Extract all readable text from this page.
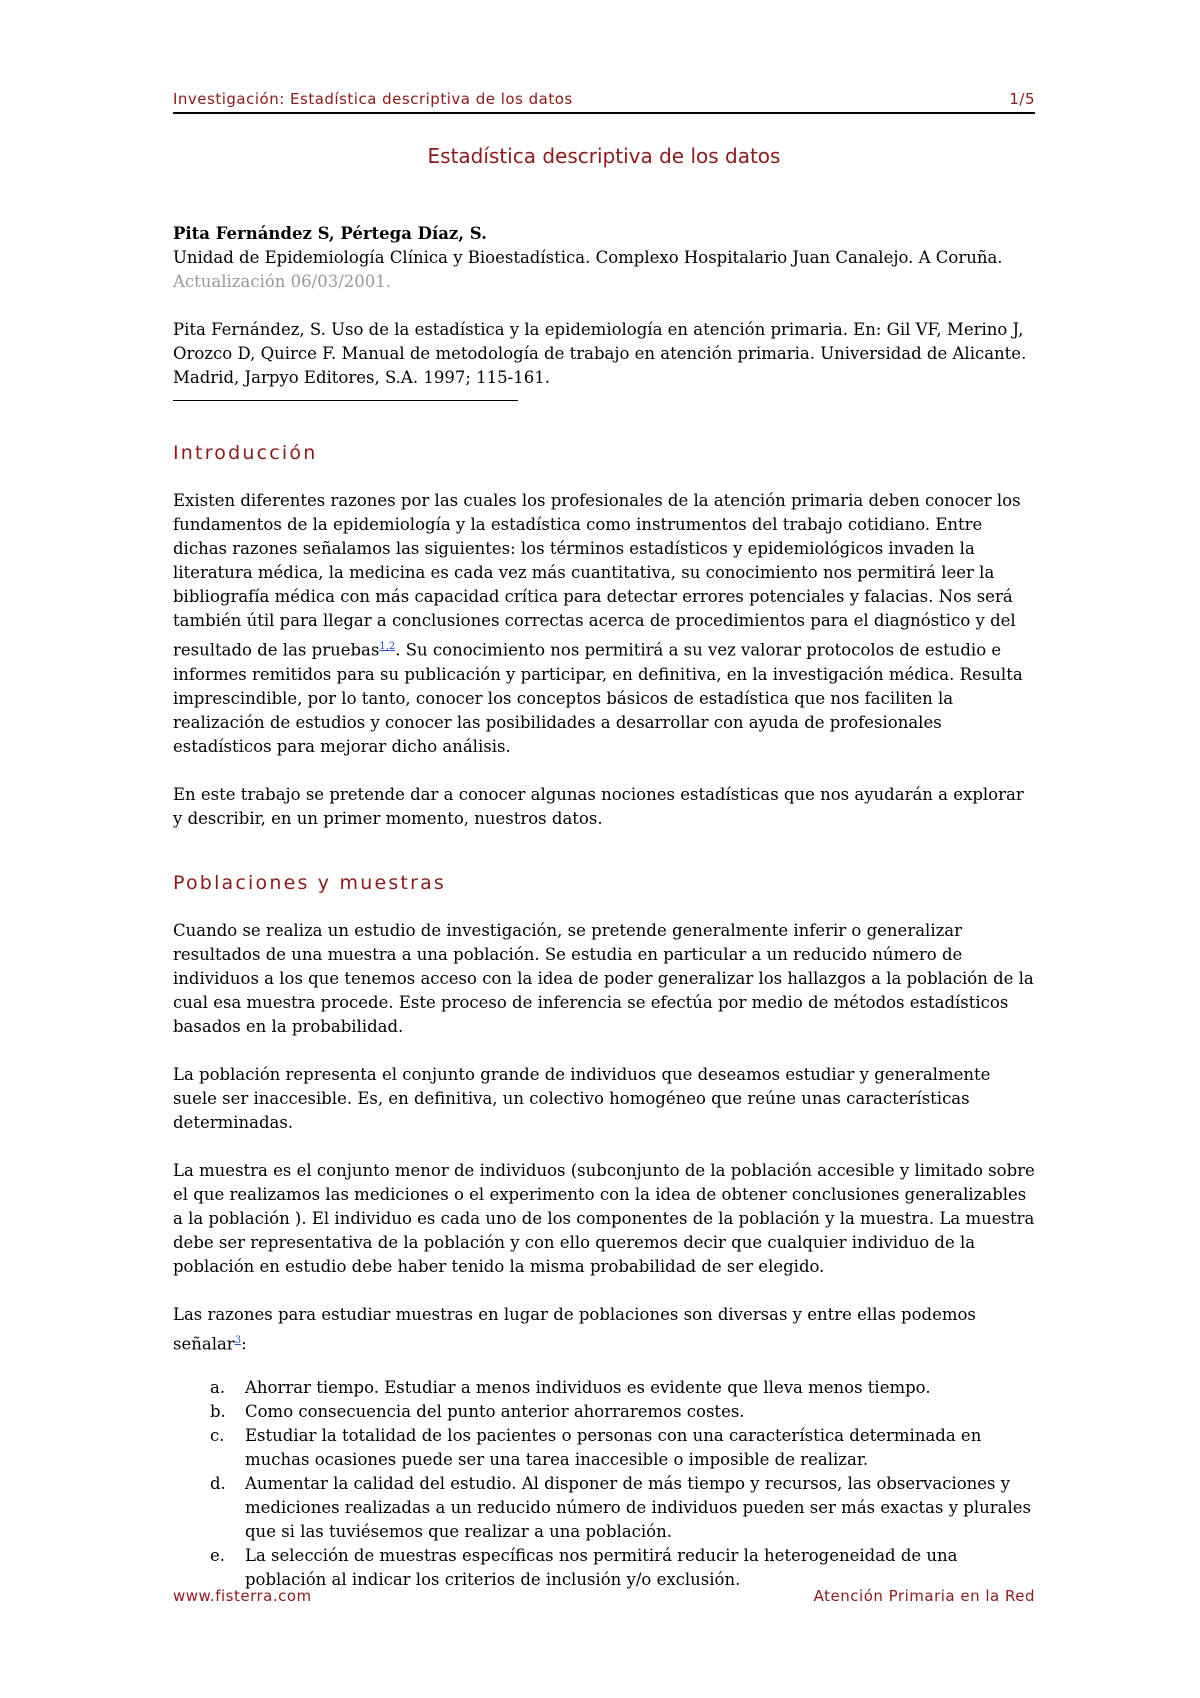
Investigación: Estadística descriptiva de los datos	1/5
Estadística descriptiva de los datos

Pita Fernández S, Pértega Díaz, S.

Unidad de Epidemiología Clínica y Bioestadística. Complexo Hospitalario Juan Canalejo. A Coruña.

Actualización 06/03/2001.

Pita Fernández, S. Uso de la estadística y la epidemiología en atención primaria. En: Gil VF, Merino J, Orozco D, Quirce F. Manual de metodología de trabajo en atención primaria. Universidad de Alicante. Madrid, Jarpyo Editores, S.A. 1997; 115-161.

Introducción

Existen diferentes razones por las cuales los profesionales de la atención primaria deben conocer los fundamentos de la epidemiología y la estadística como instrumentos del trabajo cotidiano. Entre dichas razones señalamos las siguientes: los términos estadísticos y epidemiológicos invaden la literatura médica, la medicina es cada vez más cuantitativa, su conocimiento nos permitirá leer la bibliografía médica con más capacidad crítica para detectar errores potenciales y falacias. Nos será también útil para llegar a conclusiones correctas acerca de procedimientos para el diagnóstico y del resultado de las pruebas$^{1,2}$. Su conocimiento nos permitirá a su vez valorar protocolos de estudio e informes remitidos para su publicación y participar, en definitiva, en la investigación médica. Resulta imprescindible, por lo tanto, conocer los conceptos básicos de estadística que nos faciliten la realización de estudios y conocer las posibilidades a desarrollar con ayuda de profesionales estadísticos para mejorar dicho análisis.

En este trabajo se pretende dar a conocer algunas nociones estadísticas que nos ayudarán a explorar y describir, en un primer momento, nuestros datos.

Poblaciones y muestras

Cuando se realiza un estudio de investigación, se pretende generalmente inferir o generalizar resultados de una muestra a una población. Se estudia en particular a un reducido número de individuos a los que tenemos acceso con la idea de poder generalizar los hallazgos a la población de la cual esa muestra procede. Este proceso de inferencia se efectúa por medio de métodos estadísticos basados en la probabilidad.

La población representa el conjunto grande de individuos que deseamos estudiar y generalmente suele ser inaccesible. Es, en definitiva, un colectivo homogéneo que reúne unas características determinadas.

La muestra es el conjunto menor de individuos (subconjunto de la población accesible y limitado sobre el que realizamos las mediciones o el experimento con la idea de obtener conclusiones generalizables a la población ). El individuo es cada uno de los componentes de la población y la muestra. La muestra debe ser representativa de la población y con ello queremos decir que cualquier individuo de la población en estudio debe haber tenido la misma probabilidad de ser elegido.

Las razones para estudiar muestras en lugar de poblaciones son diversas y entre ellas podemos señalar$^3$:

a. Ahorrar tiempo. Estudiar a menos individuos es evidente que lleva menos tiempo.
b. Como consecuencia del punto anterior ahorraremos costes.
c. Estudiar la totalidad de los pacientes o personas con una característica determinada en muchas ocasiones puede ser una tarea inaccesible o imposible de realizar.
d. Aumentar la calidad del estudio. Al disponer de más tiempo y recursos, las observaciones y mediciones realizadas a un reducido número de individuos pueden ser más exactas y plurales que si las tuviésemos que realizar a una población.
e. La selección de muestras específicas nos permitirá reducir la heterogeneidad de una población al indicar los criterios de inclusión y/o exclusión.
www.fisterra.com	Atención Primaria en la Red
